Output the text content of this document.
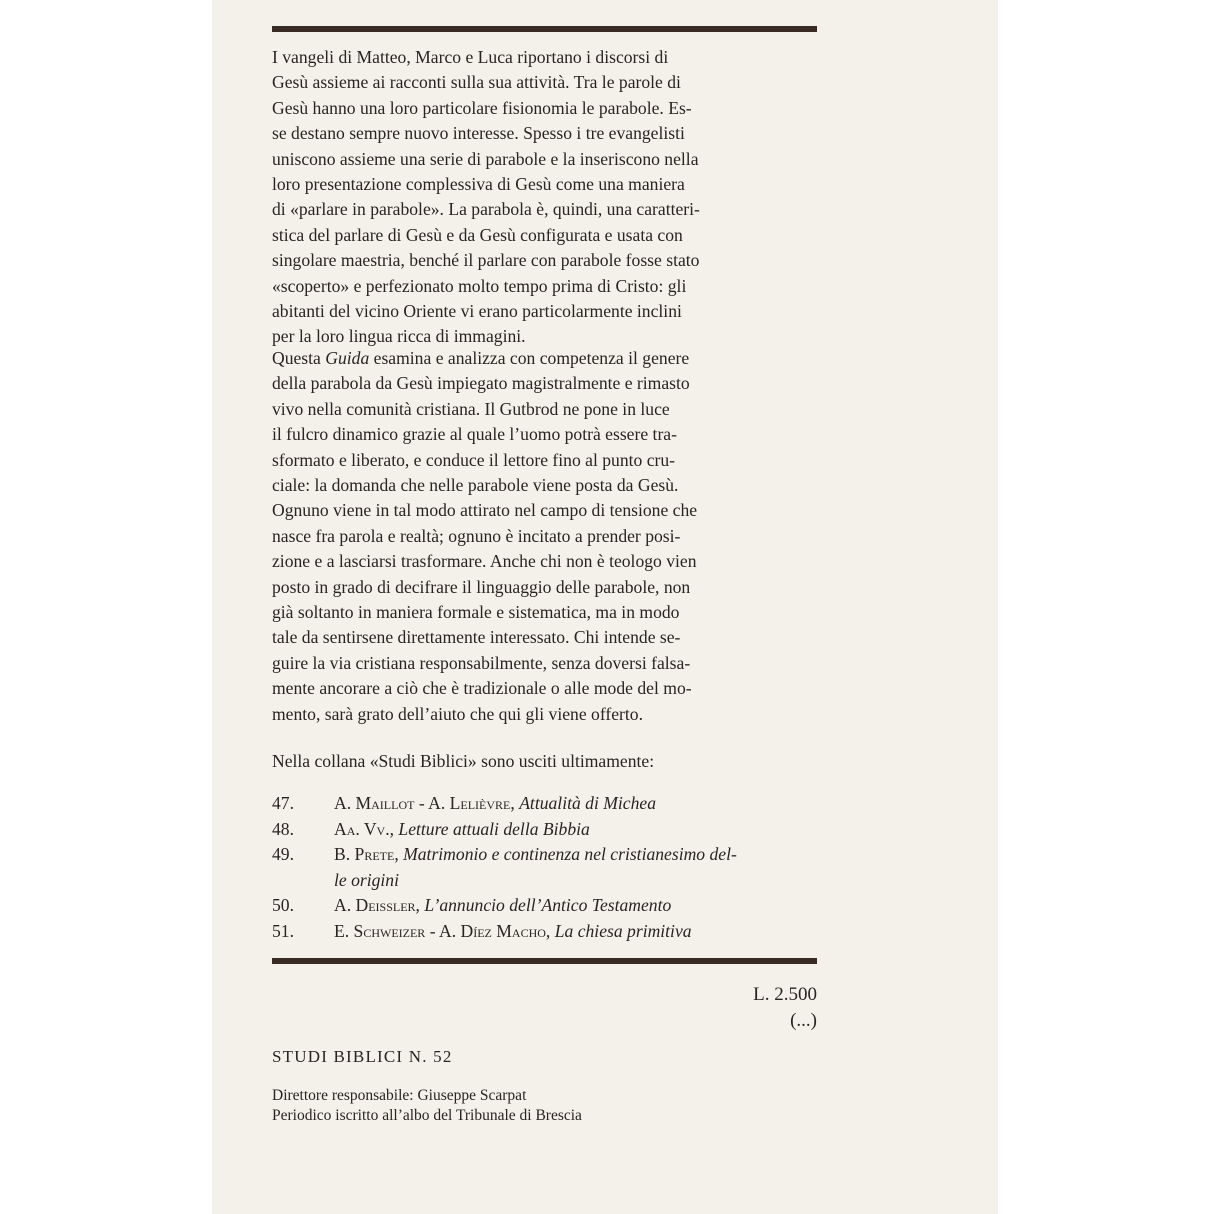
I vangeli di Matteo, Marco e Luca riportano i discorsi di
Gesù assieme ai racconti sulla sua attività. Tra le parole di
Gesù hanno una loro particolare fisionomia le parabole. Es-
se destano sempre nuovo interesse. Spesso i tre evangelisti
uniscono assieme una serie di parabole e la inseriscono nella
loro presentazione complessiva di Gesù come una maniera
di «parlare in parabole». La parabola è, quindi, una caratteri-
stica del parlare di Gesù e da Gesù configurata e usata con
singolare maestria, benché il parlare con parabole fosse stato
«scoperto» e perfezionato molto tempo prima di Cristo: gli
abitanti del vicino Oriente vi erano particolarmente inclini
per la loro lingua ricca di immagini.

Questa Guida esamina e analizza con competenza il genere
della parabola da Gesù impiegato magistralmente e rimasto
vivo nella comunità cristiana. Il Gutbrod ne pone in luce
il fulcro dinamico grazie al quale l’uomo potrà essere tra-
sformato e liberato, e conduce il lettore fino al punto cru-
ciale: la domanda che nelle parabole viene posta da Gesù.
Ognuno viene in tal modo attirato nel campo di tensione che
nasce fra parola e realtà; ognuno è incitato a prender posi-
zione e a lasciarsi trasformare. Anche chi non è teologo vien
posto in grado di decifrare il linguaggio delle parabole, non
già soltanto in maniera formale e sistematica, ma in modo
tale da sentirsene direttamente interessato. Chi intende se-
guire la via cristiana responsabilmente, senza doversi falsa-
mente ancorare a ciò che è tradizionale o alle mode del mo-
mento, sarà grato dell’aiuto che qui gli viene offerto.

Nella collana «Studi Biblici» sono usciti ultimamente:

47.	A. Maillot - A. Lelièvre, Attualità di Michea
48.	Aa. Vv., Letture attuali della Bibbia
49.	B. Prete, Matrimonio e continenza nel cristianesimo del-
le origini
50.	A. Deissler, L’annuncio dell’Antico Testamento
51.	E. Schweizer - A. Díez Macho, La chiesa primitiva
L. 2.500
(...)

STUDI BIBLICI N. 52

Direttore responsabile: Giuseppe Scarpat
Periodico iscritto all’albo del Tribunale di Brescia
